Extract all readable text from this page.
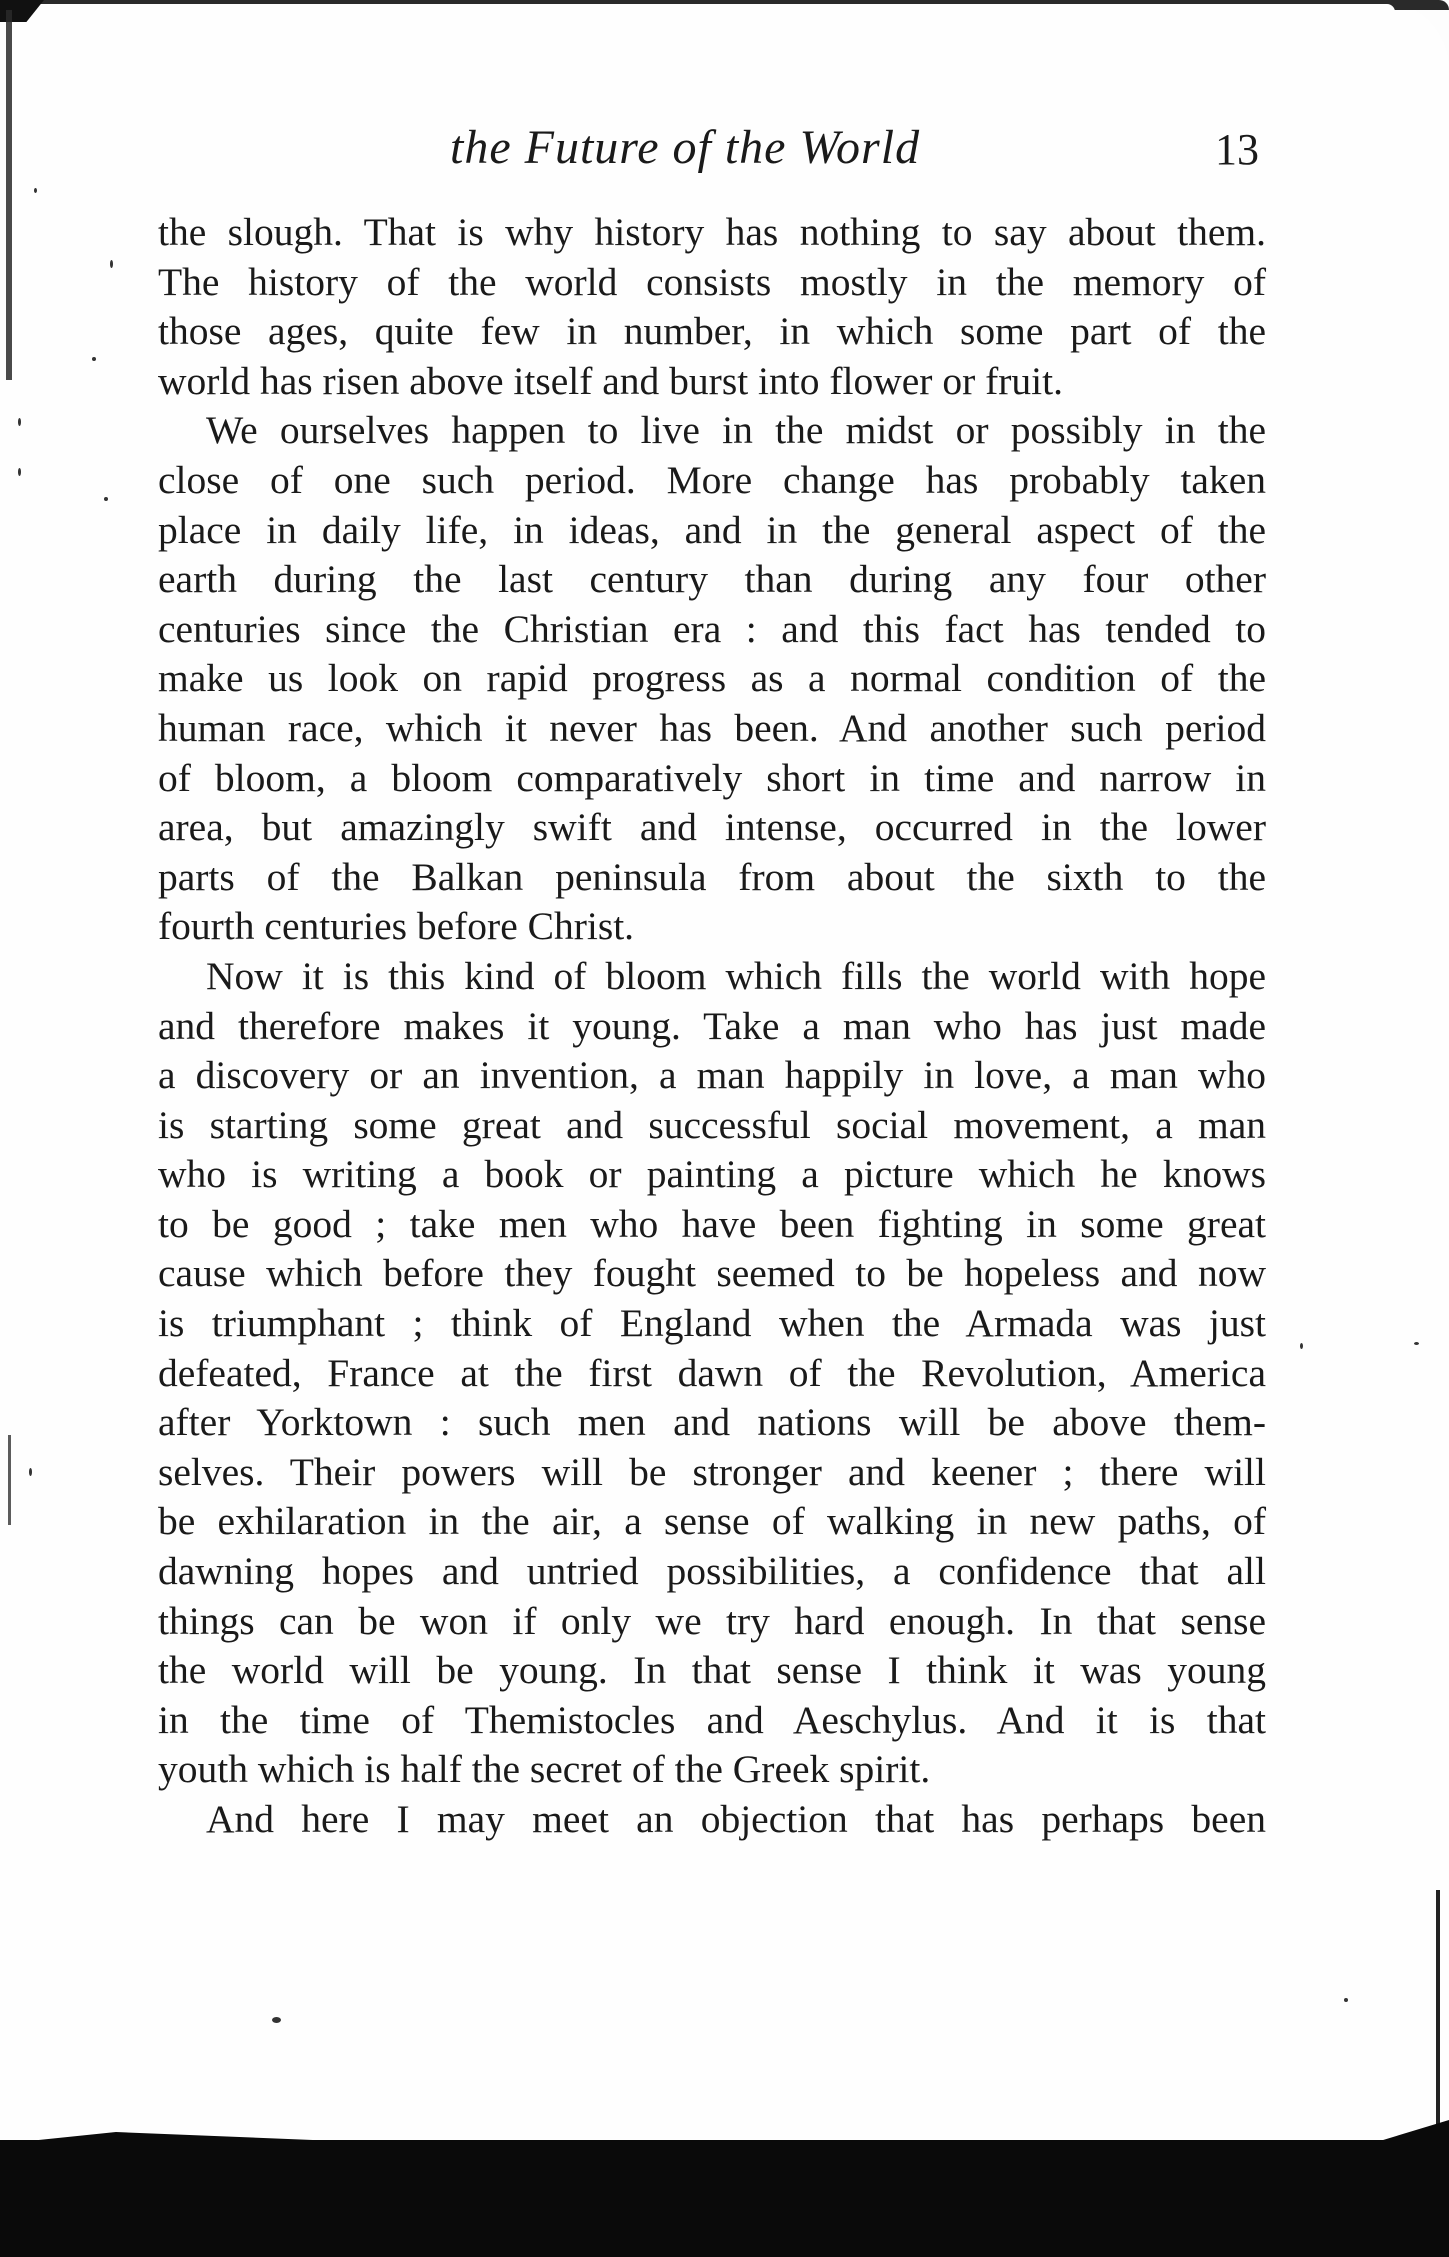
the Future of the World	13
the slough. That is why history has nothing to say about them.
The history of the world consists mostly in the memory of
those ages, quite few in number, in which some part of the
world has risen above itself and burst into flower or fruit.
We ourselves happen to live in the midst or possibly in the
close of one such period. More change has probably taken
place in daily life, in ideas, and in the general aspect of the
earth during the last century than during any four other
centuries since the Christian era : and this fact has tended to
make us look on rapid progress as a normal condition of the
human race, which it never has been. And another such period
of bloom, a bloom comparatively short in time and narrow in
area, but amazingly swift and intense, occurred in the lower
parts of the Balkan peninsula from about the sixth to the
fourth centuries before Christ.
Now it is this kind of bloom which fills the world with hope
and therefore makes it young. Take a man who has just made
a discovery or an invention, a man happily in love, a man who
is starting some great and successful social movement, a man
who is writing a book or painting a picture which he knows
to be good ; take men who have been fighting in some great
cause which before they fought seemed to be hopeless and now
is triumphant ; think of England when the Armada was just
defeated, France at the first dawn of the Revolution, America
after Yorktown : such men and nations will be above them-
selves. Their powers will be stronger and keener ; there will
be exhilaration in the air, a sense of walking in new paths, of
dawning hopes and untried possibilities, a confidence that all
things can be won if only we try hard enough. In that sense
the world will be young. In that sense I think it was young
in the time of Themistocles and Aeschylus. And it is that
youth which is half the secret of the Greek spirit.
And here I may meet an objection that has perhaps been
